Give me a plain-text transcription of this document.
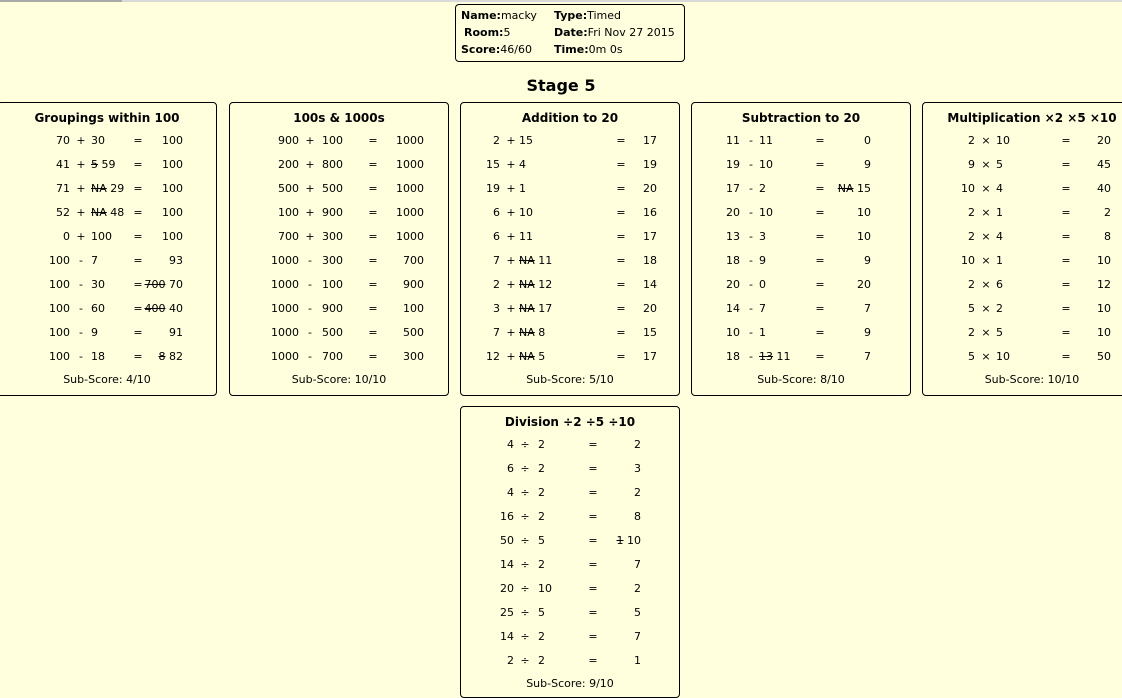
Name:macky	Type:Timed
Room:5	Date:Fri Nov 27 2015
Score:46/60	Time:0m 0s
Stage 5
Groupings within 100
70 + 30	= 100
41 + 5 59 = 100
71 + NA 29 = 100
52 + NA 48 = 100
0 + 100 = 100
100 - 7	= 93
100 - 30	= 700 70
100 - 60	= 400 40
100 - 9	= 91
100 - 18	= 8 82
Sub-Score: 4/10
100s & 1000s
900 + 100 = 1000
200 + 800 = 1000
500 + 500 = 1000
100 + 900 = 1000
700 + 300 = 1000
1000 - 300 = 700
1000 - 100 = 900
1000 - 900 = 100
1000 - 500 = 500
1000 - 700 = 300
Sub-Score: 10/10
Addition to 20
2 + 15	= 17
15 + 4	= 19
19 + 1	= 20
6 + 10	= 16
6 + 11	= 17
7 + NA 11	= 18
2 + NA 12	= 14
3 + NA 17	= 20
7 + NA 8	= 15
12 + NA 5	= 17
Sub-Score: 5/10
Subtraction to 20
11 - 11	=	0
19 - 10	=	9
17 - 2	= NA 15
20 - 10	=	10
13 - 3	=	10
18 - 9	=	9
20 - 0	=	20
14 - 7	=	7
10 - 1	=	9
18 - 13 11 =	7
Sub-Score: 8/10
Multiplication ×2 ×5 ×10
2 × 10	= 20
9 × 5	= 45
10 × 4	= 40
2 × 1	=	2
2 × 4	=	8
10 × 1	= 10
2 × 6	= 12
5 × 2	= 10
2 × 5	= 10
5 × 10	= 50
Sub-Score: 10/10
Division ÷2 ÷5 ÷10
4 ÷ 2	=	2
6 ÷ 2	=	3
4 ÷ 2	=	2
16 ÷ 2	=	8
50 ÷ 5	= 1 10
14 ÷ 2	=	7
20 ÷ 10	=	2
25 ÷ 5	=	5
14 ÷ 2	=	7
2 ÷ 2	=	1
Sub-Score: 9/10
